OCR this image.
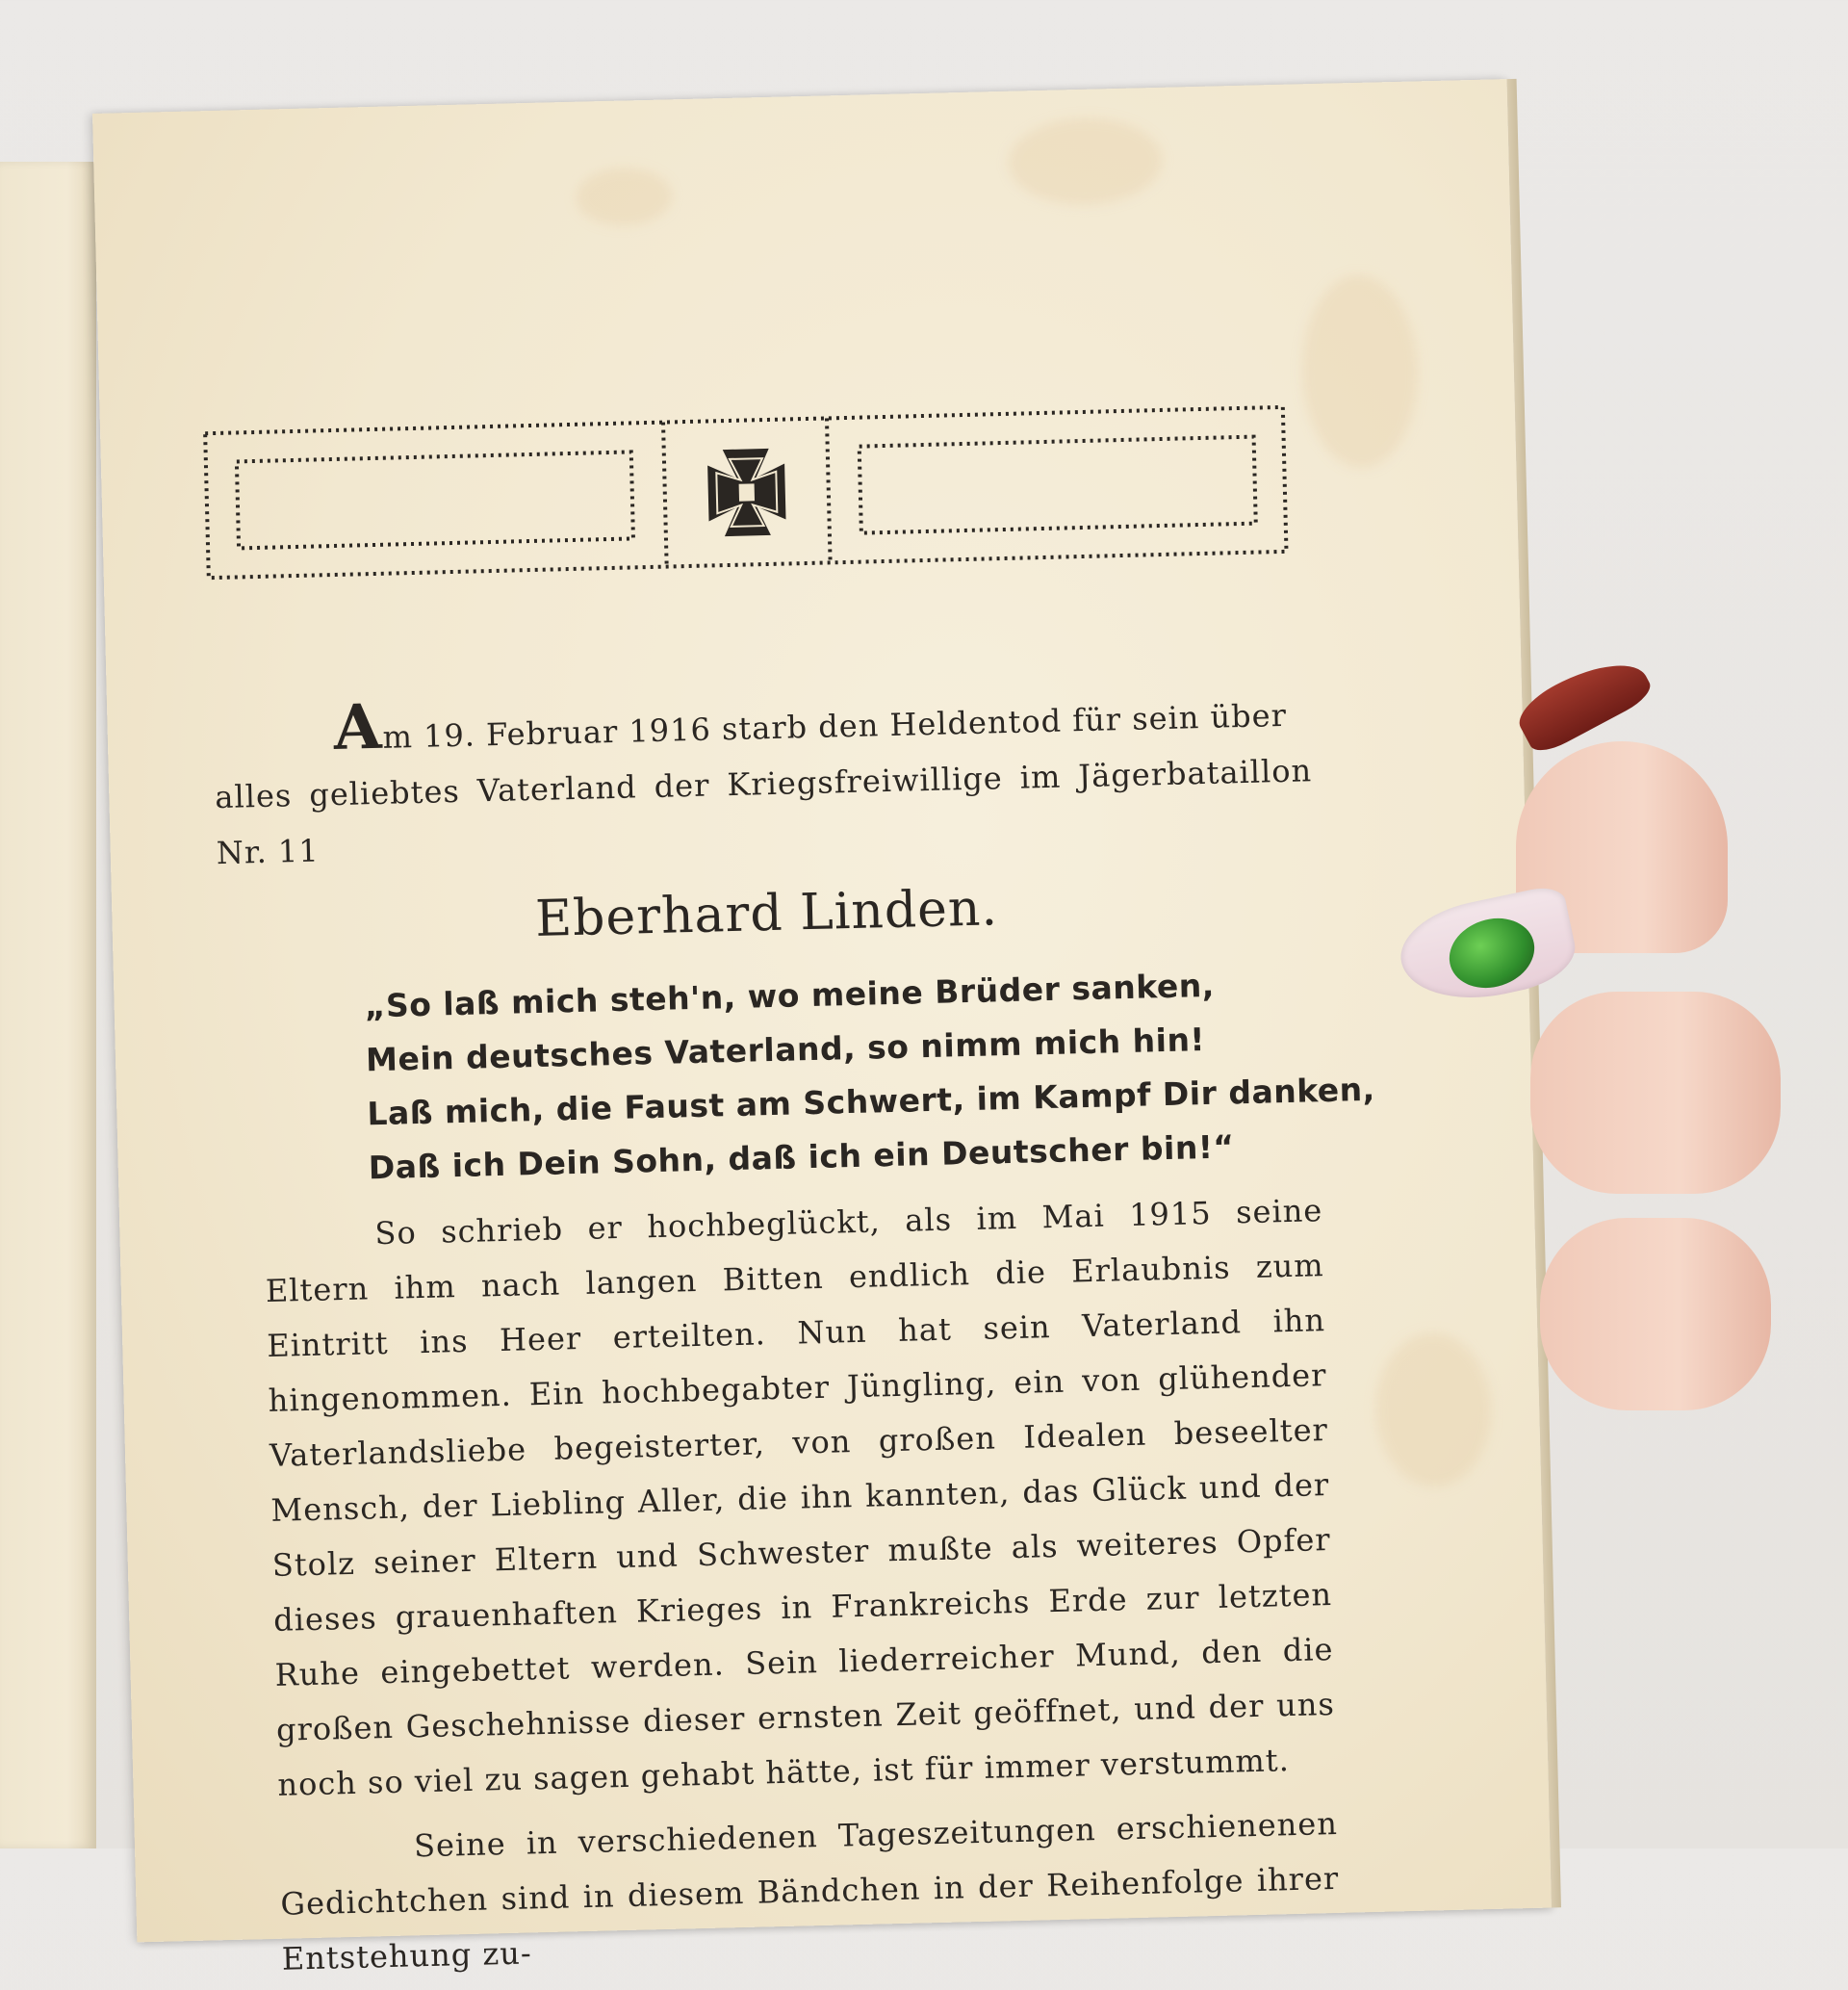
Am 19. Februar 1916 starb den Heldentod für sein über
alles geliebtes Vaterland der Kriegsfreiwillige im Jägerbataillon Nr. 11

Eberhard Linden.
„So laß mich steh'n, wo meine Brüder sanken,
Mein deutsches Vaterland, so nimm mich hin!
Laß mich, die Faust am Schwert, im Kampf Dir danken,
Daß ich Dein Sohn, daß ich ein Deutscher bin!“

So schrieb er hochbeglückt, als im Mai 1915 seine Eltern ihm nach langen Bitten endlich die Erlaubnis zum Eintritt ins Heer erteilten. Nun hat sein Vaterland ihn hingenommen. Ein hochbegabter Jüngling, ein von glühender Vaterlandsliebe begeisterter, von großen Idealen beseelter Mensch, der Liebling Aller, die ihn kannten, das Glück und der Stolz seiner Eltern und Schwester mußte als weiteres Opfer dieses grauenhaften Krieges in Frankreichs Erde zur letzten Ruhe eingebettet werden. Sein liederreicher Mund, den die großen Geschehnisse dieser ernsten Zeit geöffnet, und der uns noch so viel zu sagen gehabt hätte, ist für immer verstummt.

Seine in verschiedenen Tageszeitungen erschienenen Gedichtchen sind in diesem Bändchen in der Reihenfolge ihrer Entstehung zu-
